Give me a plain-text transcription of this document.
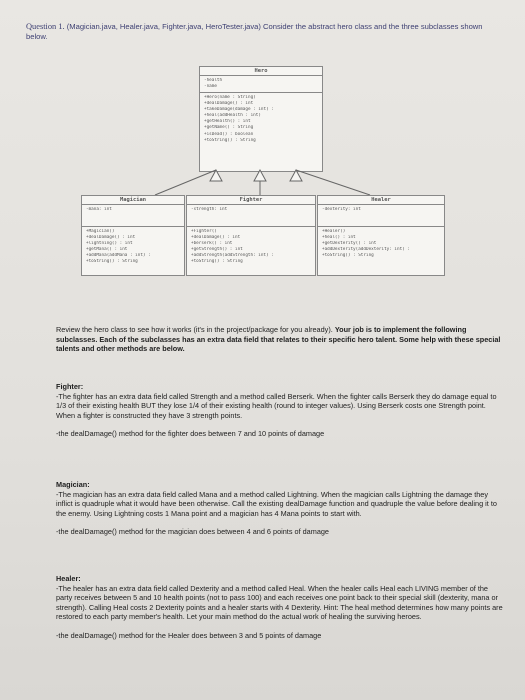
Question 1. (Magician.java, Healer.java, Fighter.java, HeroTester.java) Consider the abstract hero class and the three subclasses shown below.
Hero
-health
-name
+Hero(name : String)
+dealDamage() : int
+takeDamage(damage : int) :
+heal(addHealth : int)
+getHealth() : int
+getName() : String
+isDead() : boolean
+toString() : String
Magician
-mana: int
+Magician()
+dealDamage() : int
+lightning() : int
+getMana() : int
+addMana(addMana : int) :
+toString() : String
Fighter
-strength: int
+Fighter()
+dealDamage() : int
+berserk() : int
+getStrength() : int
+addStrength(addStrength: int) :
+toString() : String
Healer
-dexterity: int
+Healer()
+heal() : int
+getDexterity() : int
+addDexterity(addDexterity: int) :
+toString() : String
Review the hero class to see how it works (it's in the project/package for you already). Your job is to implement the following subclasses. Each of the subclasses has an extra data field that relates to their specific hero talent. Some help with these special talents and other methods are below.
Fighter:
-The fighter has an extra data field called Strength and a method called Berserk. When the fighter calls Berserk they do damage equal to 1/3 of their existing health BUT they lose 1/4 of their existing health (round to integer values). Using Berserk costs one Strength point. When a fighter is constructed they have 3 strength points.
-the dealDamage() method for the fighter does between 7 and 10 points of damage
Magician:
-The magician has an extra data field called Mana and a method called Lightning. When the magician calls Lightning the damage they inflict is quadruple what it would have been otherwise. Call the existing dealDamage function and quadruple the value before dealing it to the enemy. Using Lightning costs 1 Mana point and a magician has 4 Mana points to start with.
-the dealDamage() method for the magician does between 4 and 6 points of damage
Healer:
-The healer has an extra data field called Dexterity and a method called Heal. When the healer calls Heal each LIVING member of the party receives between 5 and 10 health points (not to pass 100) and each receives one point back to their special skill (dexterity, mana or strength). Calling Heal costs 2 Dexterity points and a healer starts with 4 Dexterity. Hint: The heal method determines how many points are restored to each party member's health. Let your main method do the actual work of healing the surviving heroes.
-the dealDamage() method for the Healer does between 3 and 5 points of damage
